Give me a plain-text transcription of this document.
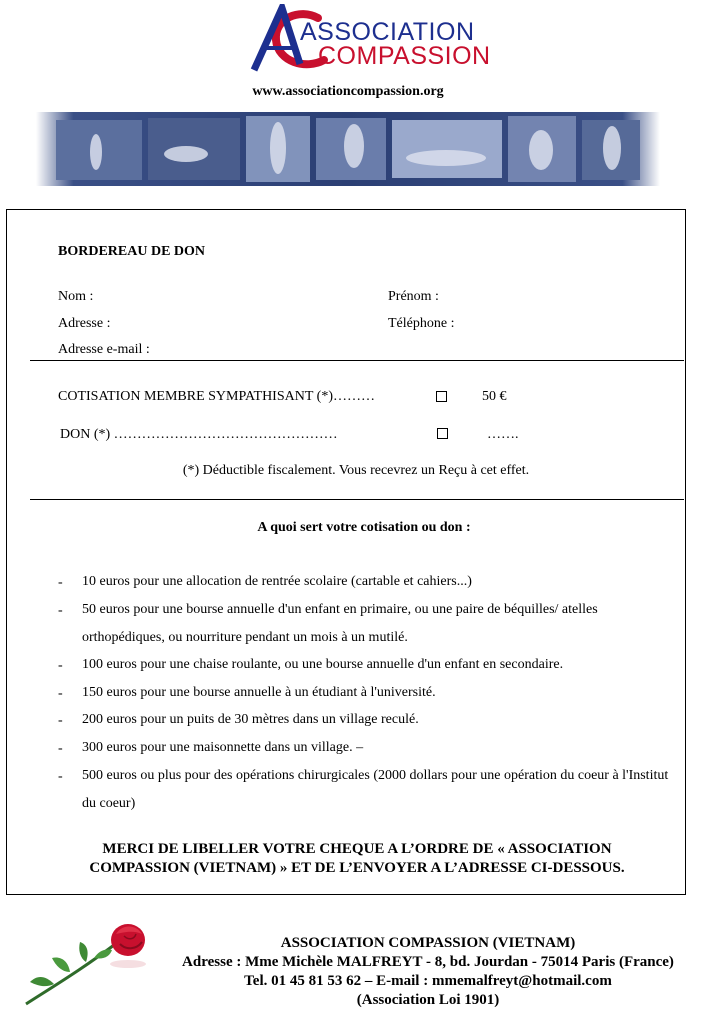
ASSOCIATION
COMPASSION
www.associationcompassion.org
BORDEREAU DE DON
Nom :	Prénom :
Adresse :	Téléphone :
Adresse e-mail :
COTISATION MEMBRE SYMPATHISANT (*)………	50 €
DON (*) …………………………………………	…….
(*) Déductible fiscalement. Vous recevrez un Reçu à cet effet.
A quoi sert votre cotisation ou don :
- 10 euros pour une allocation de rentrée scolaire (cartable et cahiers...)
- 50 euros pour une bourse annuelle d'un enfant en primaire, ou une paire de béquilles/ atelles orthopédiques, ou nourriture pendant un mois à un mutilé.
- 100 euros pour une chaise roulante, ou une bourse annuelle d'un enfant en secondaire.
- 150 euros pour une bourse annuelle à un étudiant à l'université.
- 200 euros pour un puits de 30 mètres dans un village reculé.
- 300 euros pour une maisonnette dans un village. –
- 500 euros ou plus pour des opérations chirurgicales (2000 dollars pour une opération du coeur à l'Institut du coeur)
MERCI DE LIBELLER VOTRE CHEQUE A L’ORDRE DE « ASSOCIATION
COMPASSION (VIETNAM) » ET DE L’ENVOYER A L’ADRESSE CI-DESSOUS.
ASSOCIATION COMPASSION (VIETNAM)
Adresse : Mme Michèle MALFREYT - 8, bd. Jourdan - 75014 Paris (France)
Tel. 01 45 81 53 62 – E-mail : mmemalfreyt@hotmail.com
(Association Loi 1901)
